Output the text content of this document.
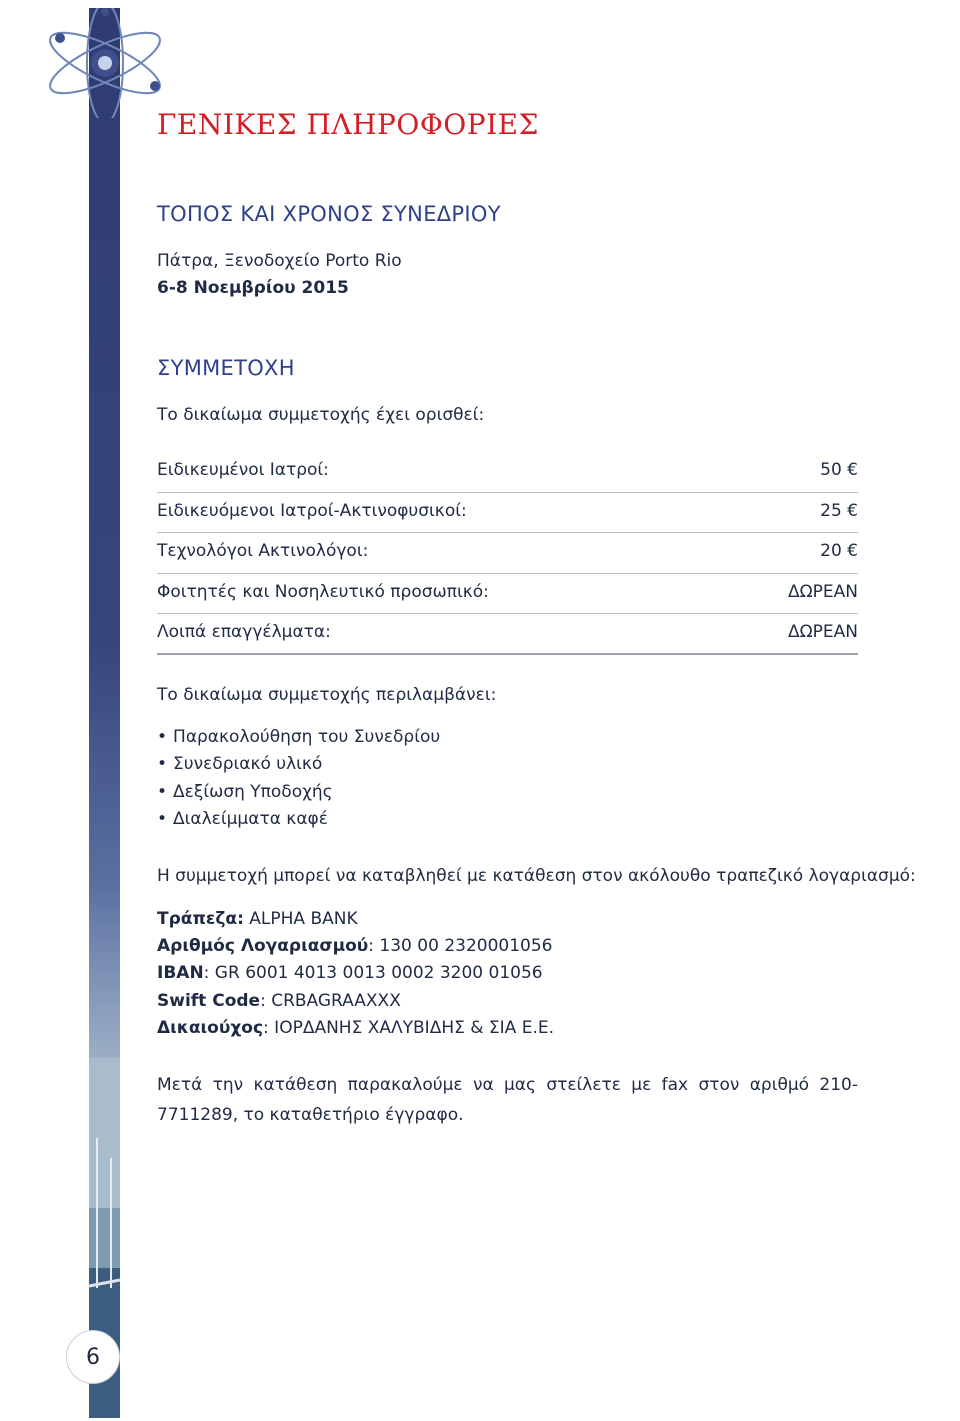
6
ΓΕΝΙΚΕΣ ΠΛΗΡΟΦΟΡΙΕΣ
ΤΟΠΟΣ ΚΑΙ ΧΡΟΝΟΣ ΣΥΝΕΔΡΙΟΥ
Πάτρα, Ξενοδοχείο Porto Rio
6-8 Νοεμβρίου 2015
ΣΥΜΜΕΤΟΧΗ
Το δικαίωμα συμμετοχής έχει ορισθεί:
Ειδικευμένοι Ιατροί:	50 €
Ειδικευόμενοι Ιατροί-Ακτινοφυσικοί:	25 €
Τεχνολόγοι Ακτινολόγοι:	20 €
Φοιτητές και Νοσηλευτικό προσωπικό:	ΔΩΡΕΑΝ
Λοιπά επαγγέλματα:	ΔΩΡΕΑΝ
Το δικαίωμα συμμετοχής περιλαμβάνει:
• Παρακολούθηση του Συνεδρίου
• Συνεδριακό υλικό
• Δεξίωση Υποδοχής
• Διαλείμματα καφέ
Η συμμετοχή μπορεί να καταβληθεί με κατάθεση στον ακόλουθο τραπεζικό λογαριασμό:
Τράπεζα: ALPHA BANK
Αριθμός Λογαριασμού: 130 00 2320001056
IBAN: GR 6001 4013 0013 0002 3200 01056
Swift Code: CRBAGRAAXXX
Δικαιούχος: ΙΟΡΔΑΝΗΣ ΧΑΛΥΒΙΔΗΣ & ΣΙΑ Ε.Ε.
Μετά την κατάθεση παρακαλούμε να μας στείλετε με fax στον αριθμό 210-7711289, το καταθετήριο έγγραφο.
